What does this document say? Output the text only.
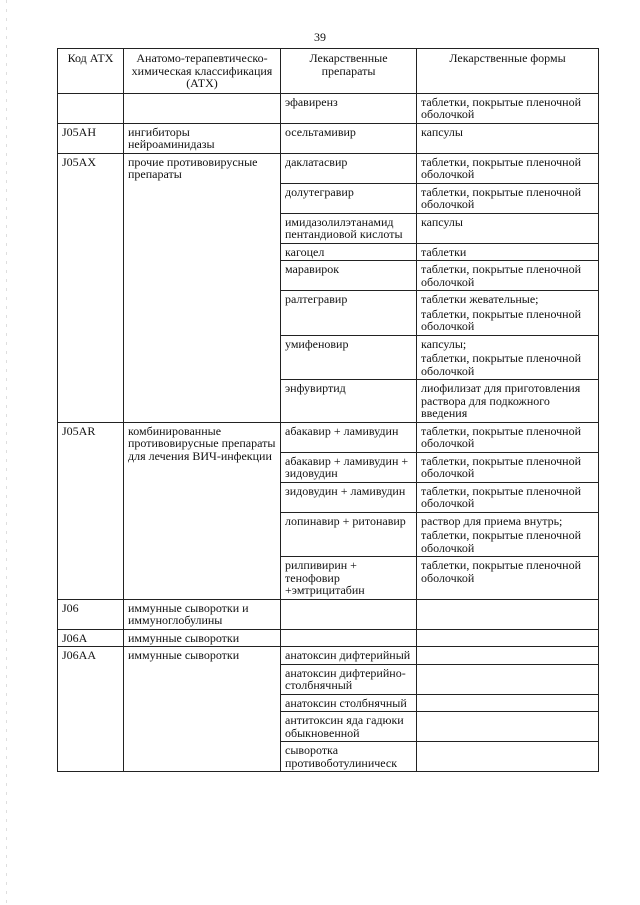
39
Код АТХ	Анатомо-терапевтическо-химическая классификация (АТХ)	Лекарственные препараты	Лекарственные формы
		эфавиренз	таблетки, покрытые пленочной оболочкой

J05AH	ингибиторы нейроаминидазы	осельтамивир	капсулы

J05AX	прочие противовирусные препараты	даклатасвир	таблетки, покрытые пленочной оболочкой

		долутегравир	таблетки, покрытые пленочной оболочкой

		имидазолилэтанамид пентандиовой кислоты	капсулы

		кагоцел	таблетки

		маравирок	таблетки, покрытые пленочной оболочкой

		ралтегравир	таблетки жевательные;
таблетки, покрытые пленочной оболочкой

		умифеновир	капсулы;
таблетки, покрытые пленочной оболочкой

		энфувиртид	лиофилизат для приготовления раствора для подкожного введения

J05AR	комбинированные противовирусные препараты для лечения ВИЧ-инфекции	абакавир + ламивудин	таблетки, покрытые пленочной оболочкой

		абакавир + ламивудин + зидовудин	таблетки, покрытые пленочной оболочкой

		зидовудин + ламивудин	таблетки, покрытые пленочной оболочкой

		лопинавир + ритонавир	раствор для приема внутрь;
таблетки, покрытые пленочной оболочкой

		рилпивирин + тенофовир +эмтрицитабин	таблетки, покрытые пленочной оболочкой

J06	иммунные сыворотки и иммуноглобулины		
J06A	иммунные сыворотки		
J06AA	иммунные сыворотки	анатоксин дифтерийный	
		анатоксин дифтерийно-столбнячный	
		анатоксин столбнячный	
		антитоксин яда гадюки обыкновенной	
		сыворотка противоботулиническ	
